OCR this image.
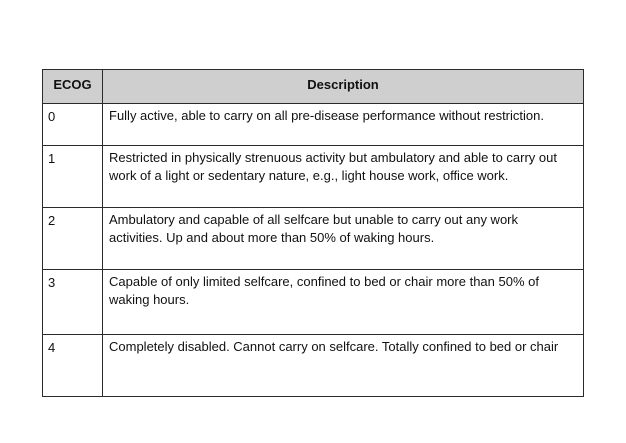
ECOG	Description
0	Fully active, able to carry on all pre-disease performance without restriction.
1	Restricted in physically strenuous activity but ambulatory and able to carry out work of a light or sedentary nature, e.g., light house work, office work.
2	Ambulatory and capable of all selfcare but unable to carry out any work activities. Up and about more than 50% of waking hours.
3	Capable of only limited selfcare, confined to bed or chair more than 50% of waking hours.
4	Completely disabled. Cannot carry on selfcare. Totally confined to bed or chair
